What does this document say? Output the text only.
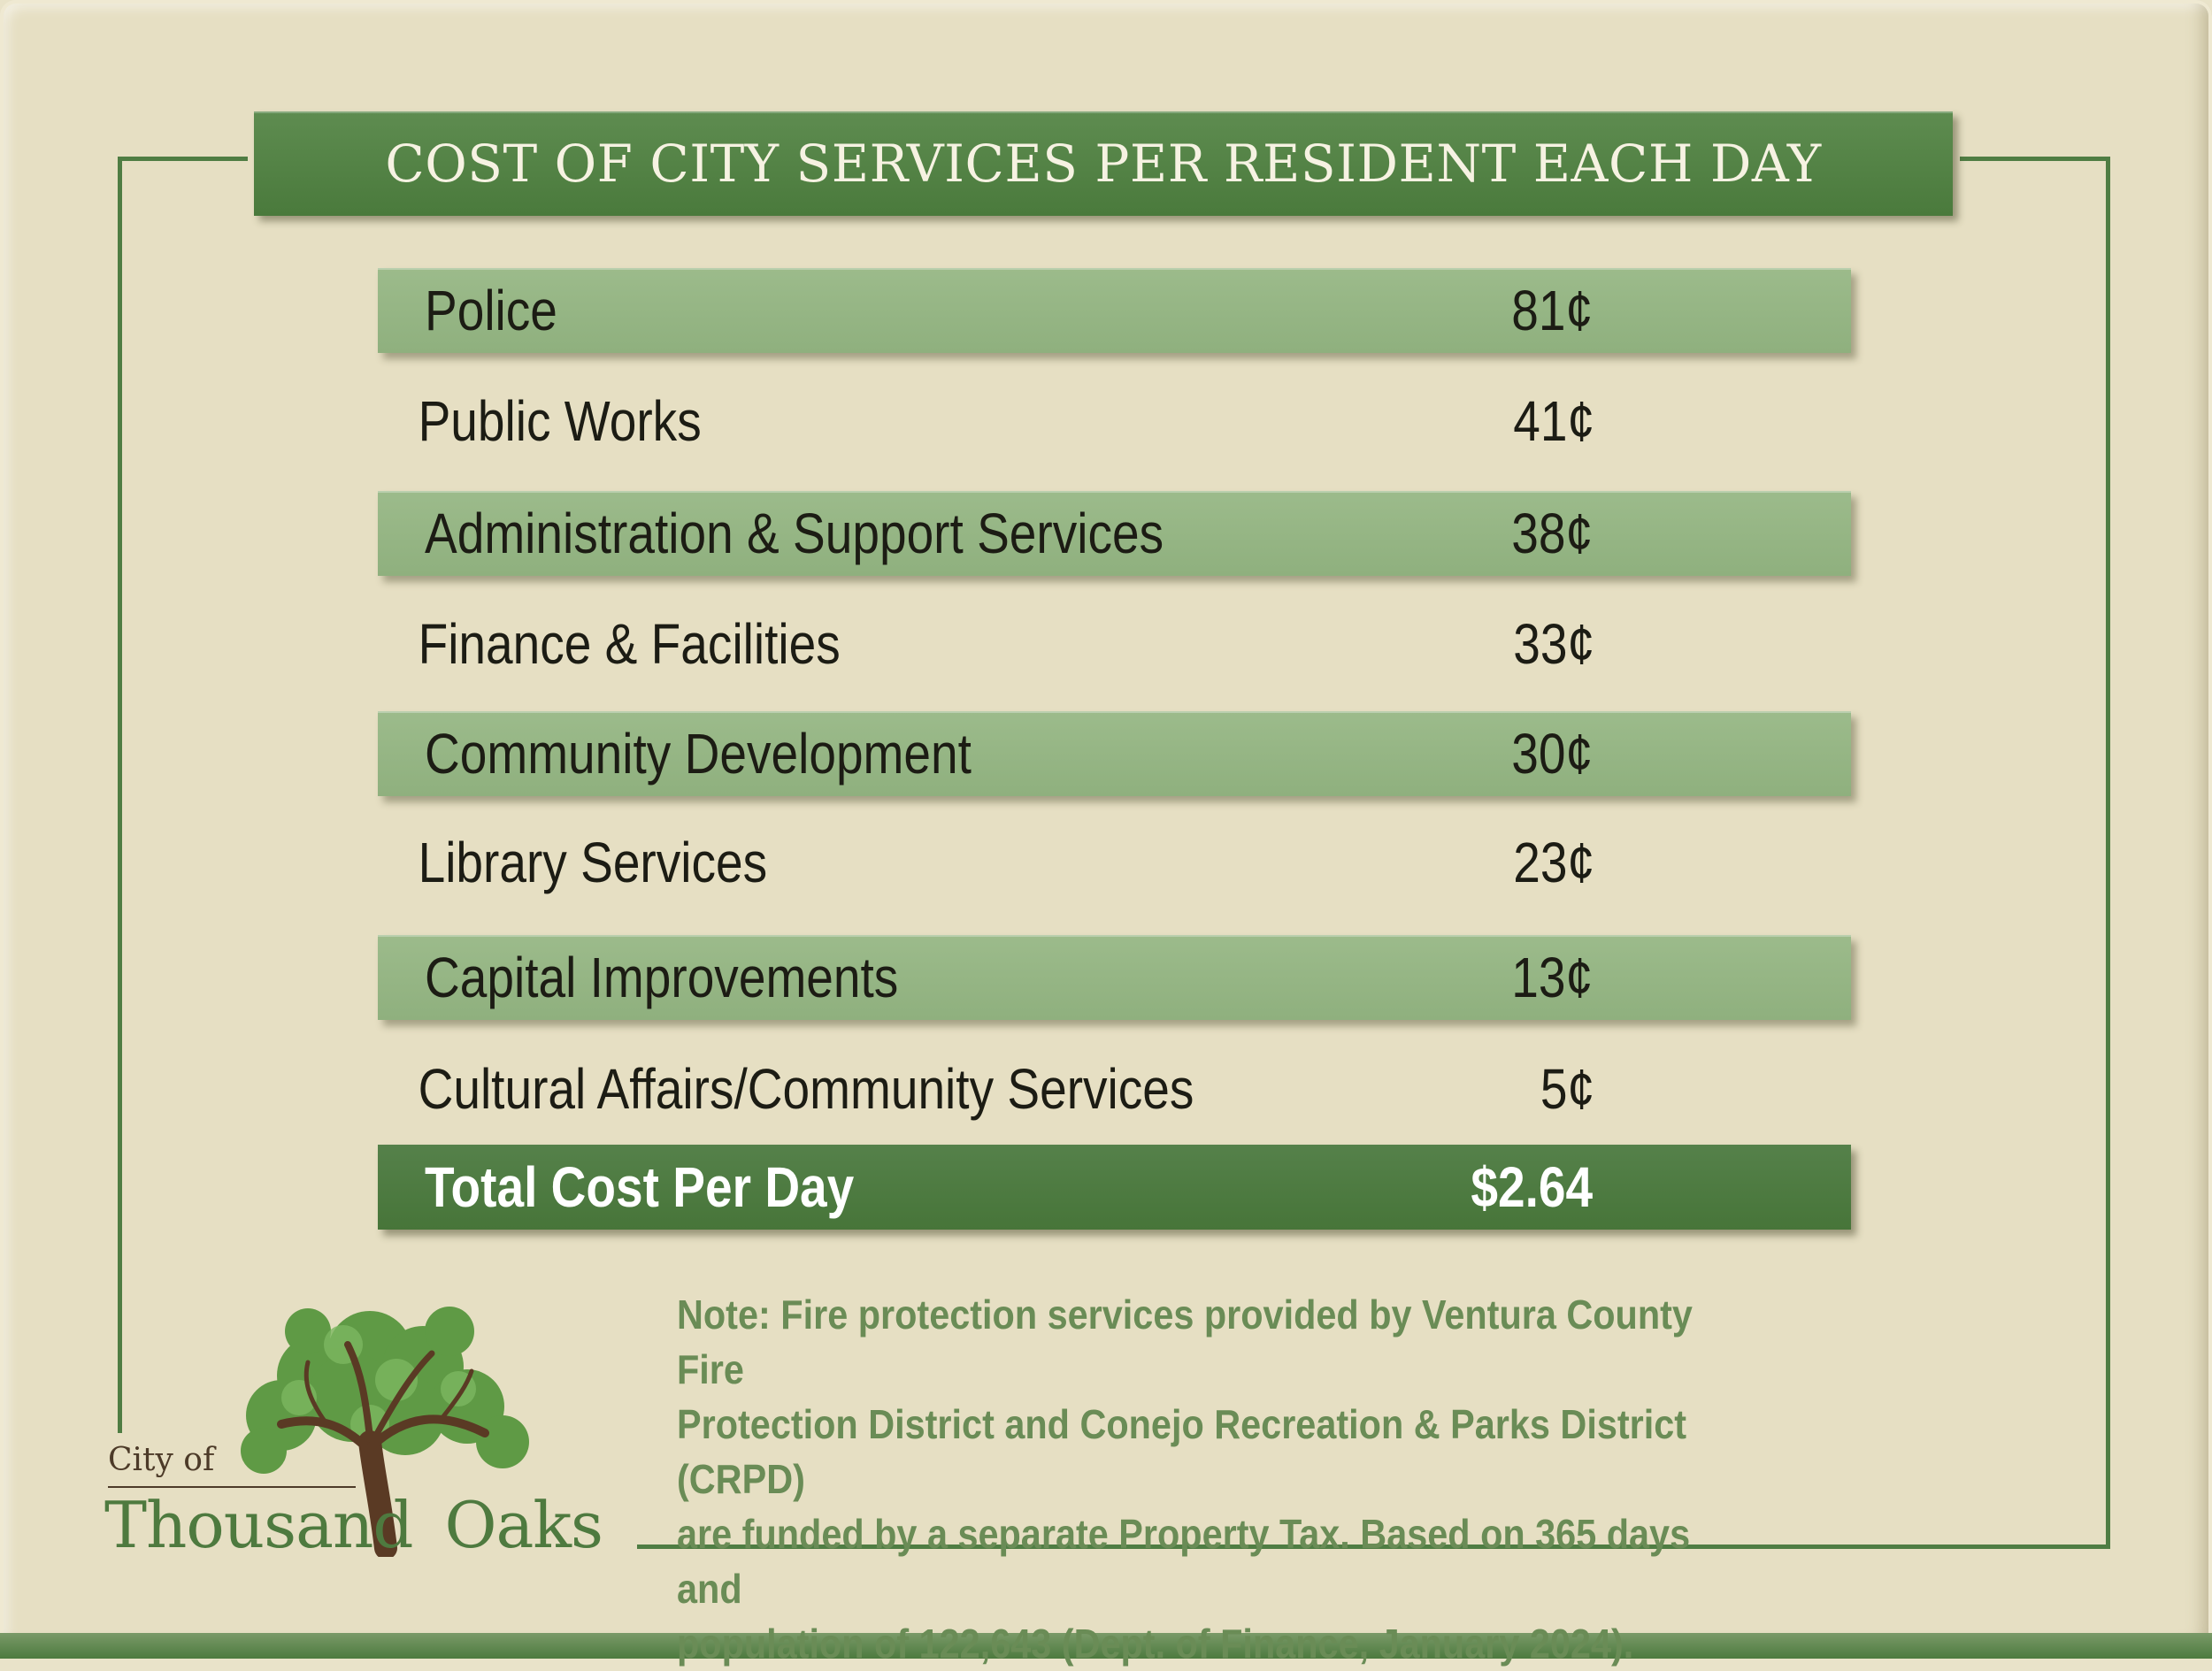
COST OF CITY SERVICES PER RESIDENT EACH DAY
Police	81¢
Public Works	41¢
Administration & Support Services	38¢
Finance & Facilities	33¢
Community Development	30¢
Library Services	23¢
Capital Improvements	13¢
Cultural Affairs/Community Services	5¢
Total Cost Per Day	$2.64

Note: Fire protection services provided by Ventura County Fire

Protection District and Conejo Recreation & Parks District (CRPD)

are funded by a separate Property Tax. Based on 365 days and

population of 122,643 (Dept. of Finance, January 2024).

City of
Thousand Oaks
